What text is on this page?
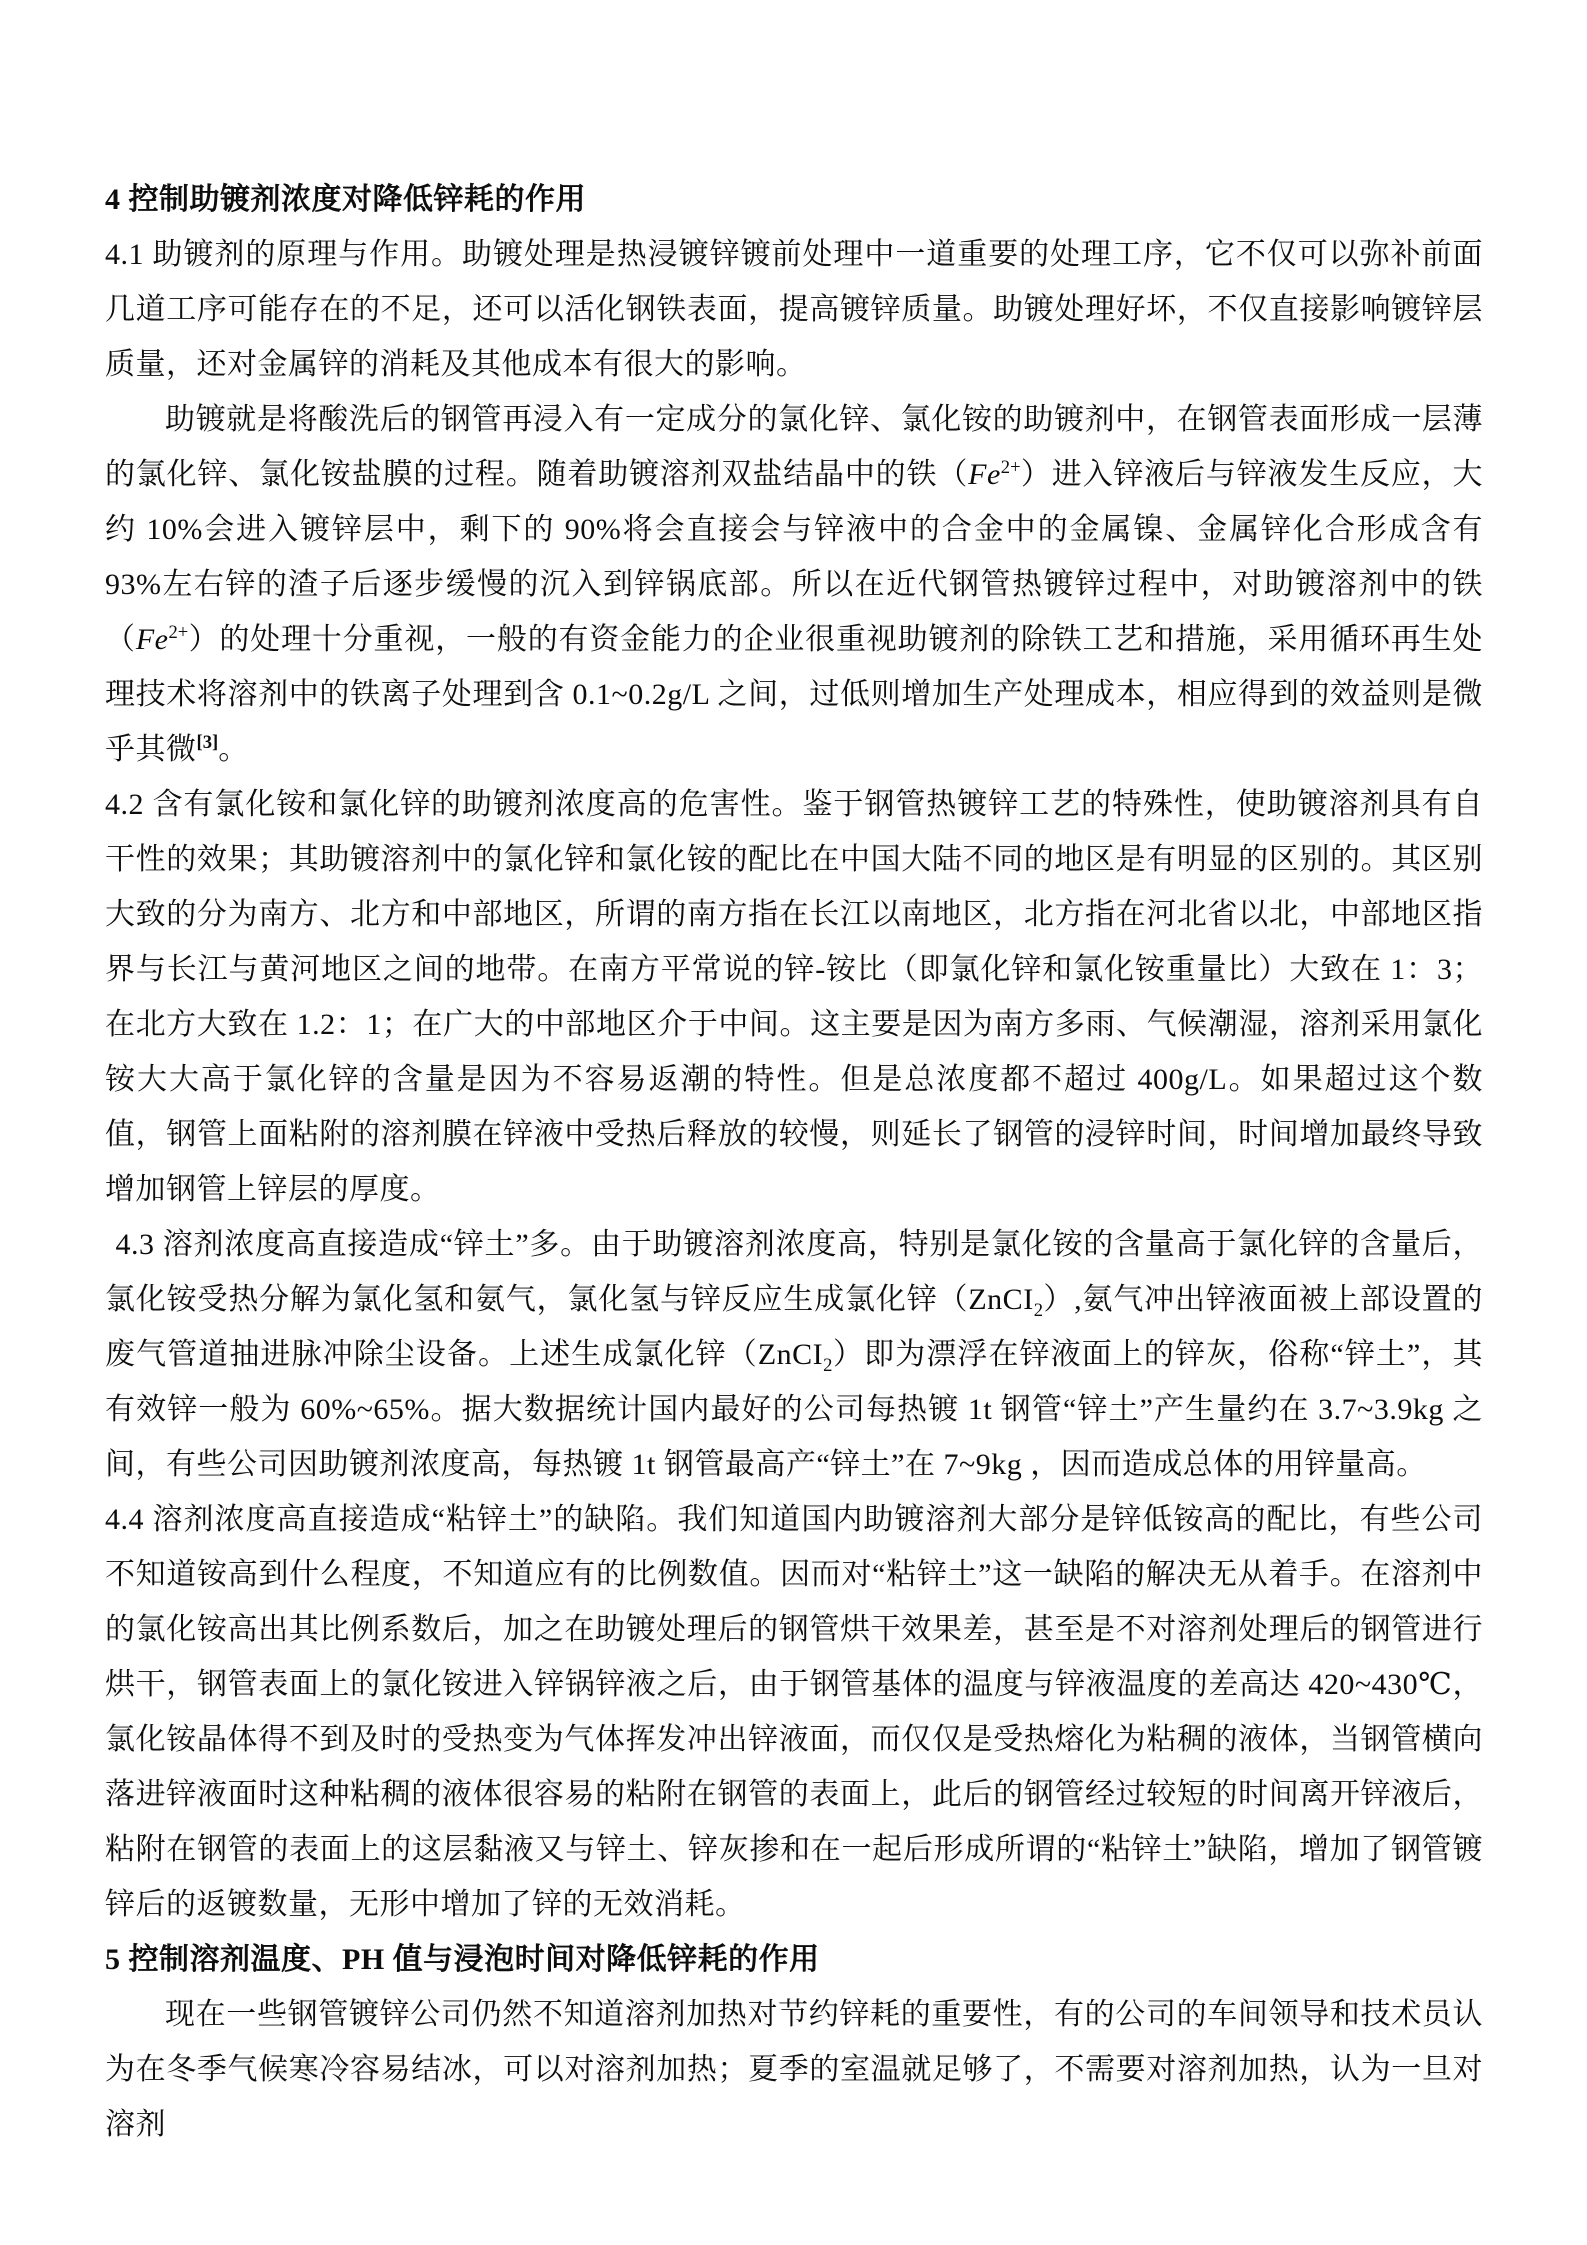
4 控制助镀剂浓度对降低锌耗的作用

4.1 助镀剂的原理与作用。助镀处理是热浸镀锌镀前处理中一道重要的处理工序，它不仅可以弥补前面几道工序可能存在的不足，还可以活化钢铁表面，提高镀锌质量。助镀处理好坏，不仅直接影响镀锌层质量，还对金属锌的消耗及其他成本有很大的影响。

助镀就是将酸洗后的钢管再浸入有一定成分的氯化锌、氯化铵的助镀剂中，在钢管表面形成一层薄的氯化锌、氯化铵盐膜的过程。随着助镀溶剂双盐结晶中的铁$(Fe^{2+})$进入锌液后与锌液发生反应，大约 10%会进入镀锌层中，剩下的 90%将会直接会与锌液中的合金中的金属镍、金属锌化合形成含有 93%左右锌的渣子后逐步缓慢的沉入到锌锅底部。所以在近代钢管热镀锌过程中，对助镀溶剂中的铁$(Fe^{2+})$的处理十分重视，一般的有资金能力的企业很重视助镀剂的除铁工艺和措施，采用循环再生处理技术将溶剂中的铁离子处理到含 0.1~0.2g/L 之间，过低则增加生产处理成本，相应得到的效益则是微乎其微[3]。

4.2 含有氯化铵和氯化锌的助镀剂浓度高的危害性。鉴于钢管热镀锌工艺的特殊性，使助镀溶剂具有自干性的效果；其助镀溶剂中的氯化锌和氯化铵的配比在中国大陆不同的地区是有明显的区别的。其区别大致的分为南方、北方和中部地区，所谓的南方指在长江以南地区，北方指在河北省以北，中部地区指界与长江与黄河地区之间的地带。在南方平常说的锌-铵比（即氯化锌和氯化铵重量比）大致在 1：3；在北方大致在 1.2：1；在广大的中部地区介于中间。这主要是因为南方多雨、气候潮湿，溶剂采用氯化铵大大高于氯化锌的含量是因为不容易返潮的特性。但是总浓度都不超过 400g/L。如果超过这个数值，钢管上面粘附的溶剂膜在锌液中受热后释放的较慢，则延长了钢管的浸锌时间，时间增加最终导致增加钢管上锌层的厚度。

4.3 溶剂浓度高直接造成“锌土”多。由于助镀溶剂浓度高，特别是氯化铵的含量高于氯化锌的含量后，氯化铵受热分解为氯化氢和氨气，氯化氢与锌反应生成氯化锌（ZnCI$_2$）,氨气冲出锌液面被上部设置的废气管道抽进脉冲除尘设备。上述生成氯化锌（ZnCI$_2$）即为漂浮在锌液面上的锌灰，俗称“锌土”，其有效锌一般为 60%~65%。据大数据统计国内最好的公司每热镀 1t 钢管“锌土”产生量约在 3.7~3.9kg 之间，有些公司因助镀剂浓度高，每热镀 1t 钢管最高产“锌土”在 7~9kg ，因而造成总体的用锌量高。

4.4 溶剂浓度高直接造成“粘锌土”的缺陷。我们知道国内助镀溶剂大部分是锌低铵高的配比，有些公司不知道铵高到什么程度，不知道应有的比例数值。因而对“粘锌土”这一缺陷的解决无从着手。在溶剂中的氯化铵高出其比例系数后，加之在助镀处理后的钢管烘干效果差，甚至是不对溶剂处理后的钢管进行烘干，钢管表面上的氯化铵进入锌锅锌液之后，由于钢管基体的温度与锌液温度的差高达 420~430℃，氯化铵晶体得不到及时的受热变为气体挥发冲出锌液面，而仅仅是受热熔化为粘稠的液体，当钢管横向落进锌液面时这种粘稠的液体很容易的粘附在钢管的表面上，此后的钢管经过较短的时间离开锌液后，粘附在钢管的表面上的这层黏液又与锌土、锌灰掺和在一起后形成所谓的“粘锌土”缺陷，增加了钢管镀锌后的返镀数量，无形中增加了锌的无效消耗。

5 控制溶剂温度、PH 值与浸泡时间对降低锌耗的作用

现在一些钢管镀锌公司仍然不知道溶剂加热对节约锌耗的重要性，有的公司的车间领导和技术员认为在冬季气候寒冷容易结冰，可以对溶剂加热；夏季的室温就足够了，不需要对溶剂加热，认为一旦对溶剂
